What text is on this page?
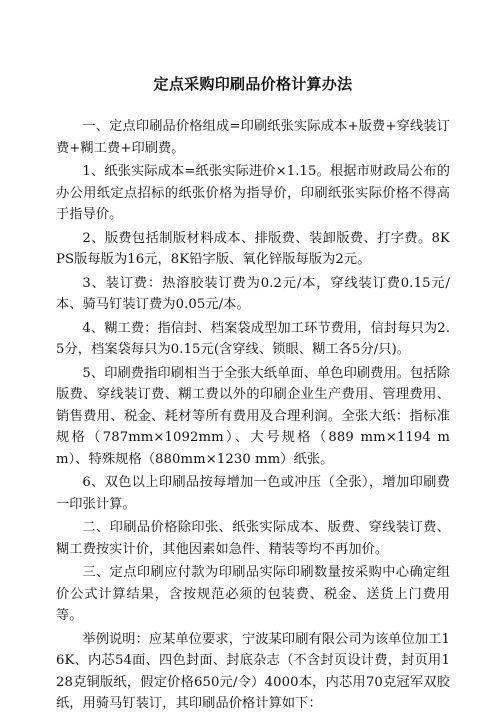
定点采购印刷品价格计算办法

一、定点印刷品价格组成=印刷纸张实际成本+版费+穿线装订费+糊工费+印刷费。

1、纸张实际成本=纸张实际进价×1.15。根据市财政局公布的办公用纸定点招标的纸张价格为指导价，印刷纸张实际价格不得高于指导价。

2、版费包括制版材料成本、排版费、装卸版费、打字费。8KPS版每版为16元，8K铅字版、氧化锌版每版为2元。

3、装订费：热溶胶装订费为0.2元/本，穿线装订费0.15元/本、骑马钉装订费为0.05元/本。

4、糊工费：指信封、档案袋成型加工环节费用，信封每只为2.5分，档案袋每只为0.15元(含穿线、锁眼、糊工各5分/只)。

5、印刷费指印刷相当于全张大纸单面、单色印刷费用。包括除版费、穿线装订费、糊工费以外的印刷企业生产费用、管理费用、销售费用、税金、耗材等所有费用及合理利润。全张大纸：指标准规格（787mm×1092mm）、大号规格（889 mm×1194 mm）、特殊规格（880mm×1230 mm）纸张。

6、双色以上印刷品按每增加一色或冲压（全张），增加印刷费一印张计算。

二、印刷品价格除印张、纸张实际成本、版费、穿线装订费、糊工费按实计价，其他因素如急件、精装等均不再加价。

三、定点印刷应付款为印刷品实际印刷数量按采购中心确定组价公式计算结果，含按规范必须的包装费、税金、送货上门费用等。

举例说明：应某单位要求，宁波某印刷有限公司为该单位加工16K、内芯54面、四色封面、封底杂志（不含封页设计费，封页用128克铜版纸，假定价格650元/令）4000本，内芯用70克冠军双胶纸，用骑马钉装订，其印刷品价格计算如下：
